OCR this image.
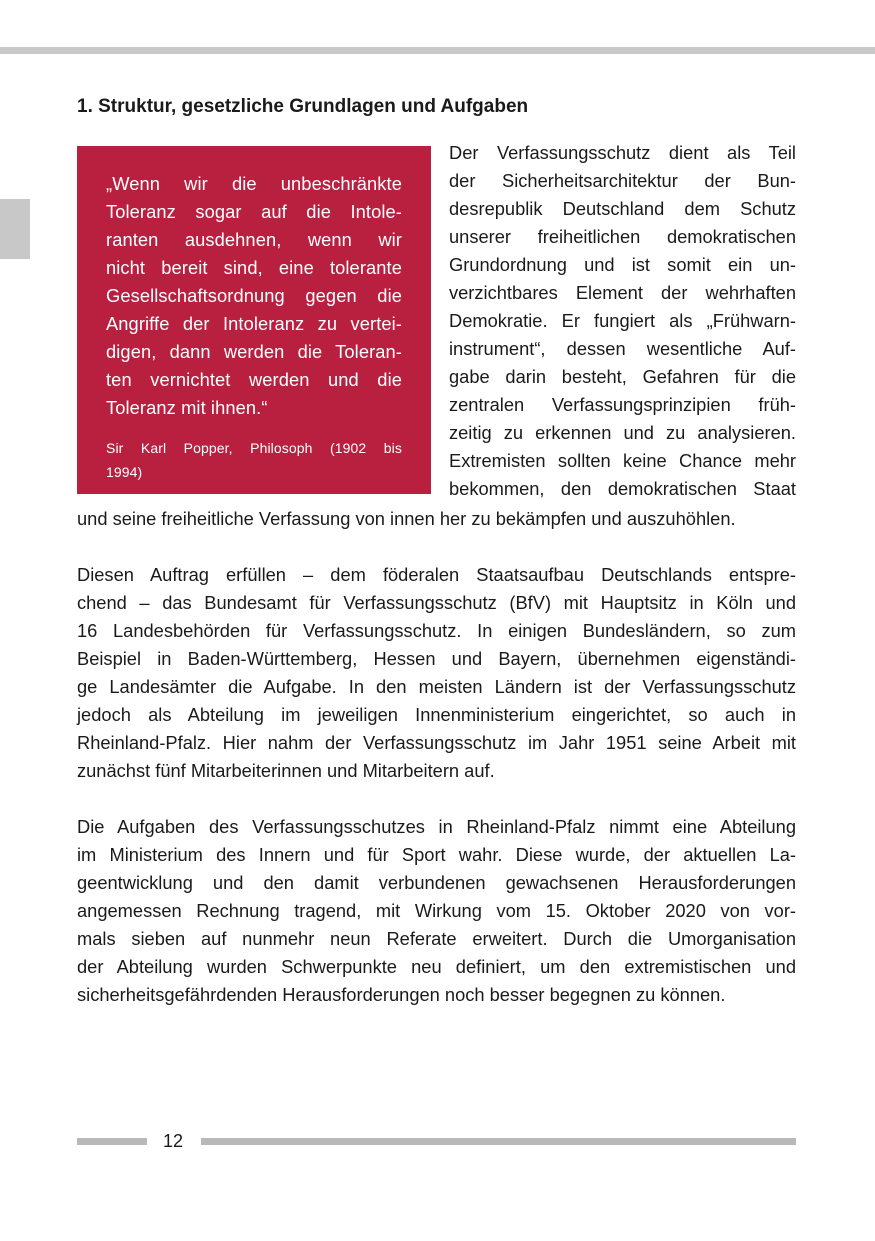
1. Struktur, gesetzliche Grundlagen und Aufgaben
„Wenn wir die unbeschränkte
Toleranz sogar auf die Intole-
ranten ausdehnen, wenn wir
nicht bereit sind, eine tolerante
Gesellschaftsordnung gegen die
Angriffe der Intoleranz zu vertei-
digen, dann werden die Toleran-
ten vernichtet werden und die
Toleranz mit ihnen.“
Sir Karl Popper, Philosoph (1902 bis
1994)
Der Verfassungsschutz dient als Teil
der Sicherheitsarchitektur der Bun-
desrepublik Deutschland dem Schutz
unserer freiheitlichen demokratischen
Grundordnung und ist somit ein un-
verzichtbares Element der wehrhaften
Demokratie. Er fungiert als „Frühwarn-
instrument“, dessen wesentliche Auf-
gabe darin besteht, Gefahren für die
zentralen Verfassungsprinzipien früh-
zeitig zu erkennen und zu analysieren.
Extremisten sollten keine Chance mehr
bekommen, den demokratischen Staat
und seine freiheitliche Verfassung von innen her zu bekämpfen und auszuhöhlen.
Diesen Auftrag erfüllen – dem föderalen Staatsaufbau Deutschlands entspre-
chend – das Bundesamt für Verfassungsschutz (BfV) mit Hauptsitz in Köln und
16 Landesbehörden für Verfassungsschutz. In einigen Bundesländern, so zum
Beispiel in Baden-Württemberg, Hessen und Bayern, übernehmen eigenständi-
ge Landesämter die Aufgabe. In den meisten Ländern ist der Verfassungsschutz
jedoch als Abteilung im jeweiligen Innenministerium eingerichtet, so auch in
Rheinland-Pfalz. Hier nahm der Verfassungsschutz im Jahr 1951 seine Arbeit mit
zunächst fünf Mitarbeiterinnen und Mitarbeitern auf.
Die Aufgaben des Verfassungsschutzes in Rheinland-Pfalz nimmt eine Abteilung
im Ministerium des Innern und für Sport wahr. Diese wurde, der aktuellen La-
geentwicklung und den damit verbundenen gewachsenen Herausforderungen
angemessen Rechnung tragend, mit Wirkung vom 15. Oktober 2020 von vor-
mals sieben auf nunmehr neun Referate erweitert. Durch die Umorganisation
der Abteilung wurden Schwerpunkte neu definiert, um den extremistischen und
sicherheitsgefährdenden Herausforderungen noch besser begegnen zu können.
12
